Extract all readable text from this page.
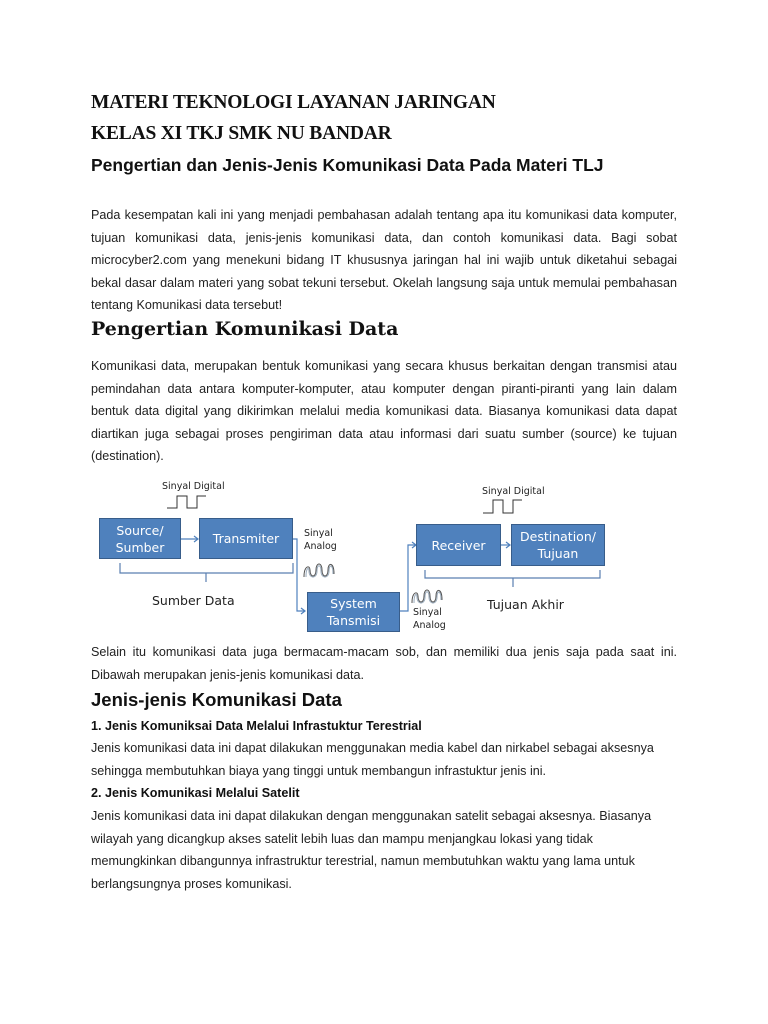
MATERI TEKNOLOGI LAYANAN JARINGAN
KELAS XI TKJ SMK NU BANDAR
Pengertian dan Jenis-Jenis Komunikasi Data Pada Materi TLJ
Pada kesempatan kali ini yang menjadi pembahasan adalah tentang apa itu komunikasi data komputer,
tujuan komunikasi data, jenis-jenis komunikasi data, dan contoh komunikasi data. Bagi sobat
microcyber2.com yang menekuni bidang IT khususnya jaringan hal ini wajib untuk diketahui sebagai
bekal dasar dalam materi yang sobat tekuni tersebut. Okelah langsung saja untuk memulai pembahasan
tentang Komunikasi data tersebut!
Pengertian Komunikasi Data
Komunikasi data, merupakan bentuk komunikasi yang secara khusus berkaitan dengan transmisi atau
pemindahan data antara komputer-komputer, atau komputer dengan piranti-piranti yang lain dalam
bentuk data digital yang dikirimkan melalui media komunikasi data. Biasanya komunikasi data dapat
diartikan juga sebagai proses pengiriman data atau informasi dari suatu sumber (source) ke tujuan
(destination).
Sinyal Digital	Sinyal Digital
Source/
Sumber
Transmiter	Sinyal
Analog
System
Tansmisi
Sinyal
Analog
Receiver
Destination/
Tujuan
Sumber Data	Tujuan Akhir
Selain itu komunikasi data juga bermacam-macam sob, dan memiliki dua jenis saja pada saat ini.
Dibawah merupakan jenis-jenis komunikasi data.
Jenis-jenis Komunikasi Data
1. Jenis Komuniksai Data Melalui Infrastuktur Terestrial
Jenis komunikasi data ini dapat dilakukan menggunakan media kabel dan nirkabel sebagai aksesnya
sehingga membutuhkan biaya yang tinggi untuk membangun infrastuktur jenis ini.
2. Jenis Komunikasi Melalui Satelit
Jenis komunikasi data ini dapat dilakukan dengan menggunakan satelit sebagai aksesnya. Biasanya
wilayah yang dicangkup akses satelit lebih luas dan mampu menjangkau lokasi yang tidak
memungkinkan dibangunnya infrastruktur terestrial, namun membutuhkan waktu yang lama untuk
berlangsungnya proses komunikasi.
